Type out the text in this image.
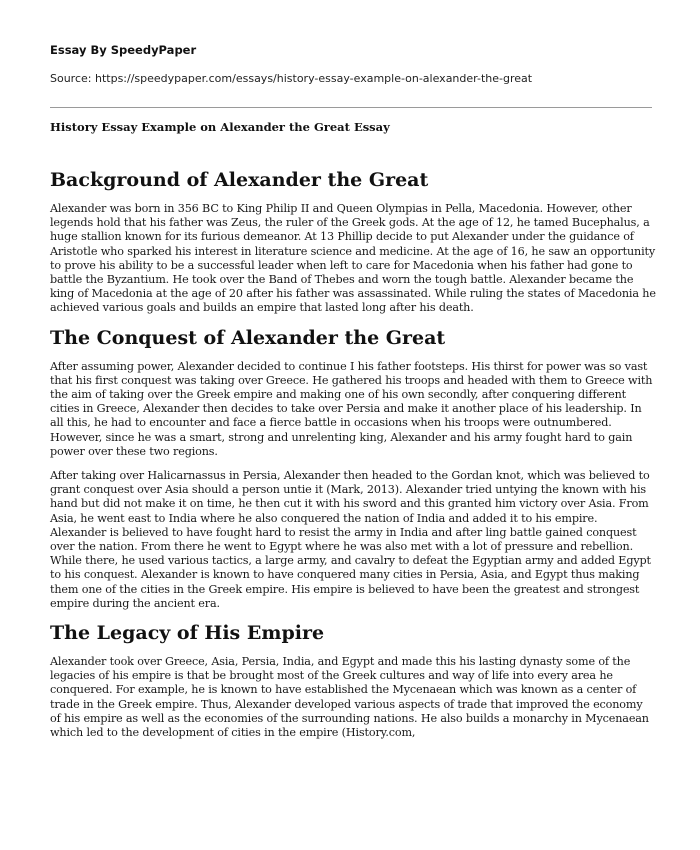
Essay By SpeedyPaper
Source: https://speedypaper.com/essays/history-essay-example-on-alexander-the-great
History Essay Example on Alexander the Great Essay
Background of Alexander the Great

Alexander was born in 356 BC to King Philip II and Queen Olympias in Pella, Macedonia. However, other legends hold that his father was Zeus, the ruler of the Greek gods. At the age of 12, he tamed Bucephalus, a huge stallion known for its furious demeanor. At 13 Phillip decide to put Alexander under the guidance of Aristotle who sparked his interest in literature science and medicine. At the age of 16, he saw an opportunity to prove his ability to be a successful leader when left to care for Macedonia when his father had gone to battle the Byzantium. He took over the Band of Thebes and worn the tough battle. Alexander became the king of Macedonia at the age of 20 after his father was assassinated. While ruling the states of Macedonia he achieved various goals and builds an empire that lasted long after his death.

The Conquest of Alexander the Great

After assuming power, Alexander decided to continue I his father footsteps. His thirst for power was so vast that his first conquest was taking over Greece. He gathered his troops and headed with them to Greece with the aim of taking over the Greek empire and making one of his own secondly, after conquering different cities in Greece, Alexander then decides to take over Persia and make it another place of his leadership. In all this, he had to encounter and face a fierce battle in occasions when his troops were outnumbered. However, since he was a smart, strong and unrelenting king, Alexander and his army fought hard to gain power over these two regions.

After taking over Halicarnassus in Persia, Alexander then headed to the Gordan knot, which was believed to grant conquest over Asia should a person untie it (Mark, 2013). Alexander tried untying the known with his hand but did not make it on time, he then cut it with his sword and this granted him victory over Asia. From Asia, he went east to India where he also conquered the nation of India and added it to his empire. Alexander is believed to have fought hard to resist the army in India and after ling battle gained conquest over the nation. From there he went to Egypt where he was also met with a lot of pressure and rebellion. While there, he used various tactics, a large army, and cavalry to defeat the Egyptian army and added Egypt to his conquest. Alexander is known to have conquered many cities in Persia, Asia, and Egypt thus making them one of the cities in the Greek empire. His empire is believed to have been the greatest and strongest empire during the ancient era.

The Legacy of His Empire

Alexander took over Greece, Asia, Persia, India, and Egypt and made this his lasting dynasty some of the legacies of his empire is that be brought most of the Greek cultures and way of life into every area he conquered. For example, he is known to have established the Mycenaean which was known as a center of trade in the Greek empire. Thus, Alexander developed various aspects of trade that improved the economy of his empire as well as the economies of the surrounding nations. He also builds a monarchy in Mycenaean which led to the development of cities in the empire (History.com,
